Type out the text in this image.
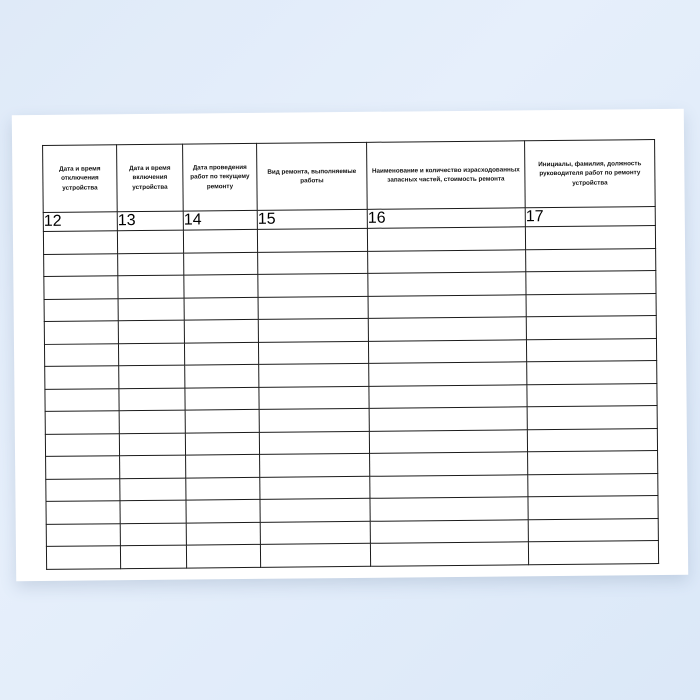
Дата и время отключения устройства	Дата и время включения устройства	Дата проведения работ по текущему ремонту	Вид ремонта, выполняемые работы	Наименование и количество израсходованных запасных частей, стоимость ремонта	Инициалы, фамилия, должность руководителя работ по ремонту устройства
12	13	14	15	16	17
